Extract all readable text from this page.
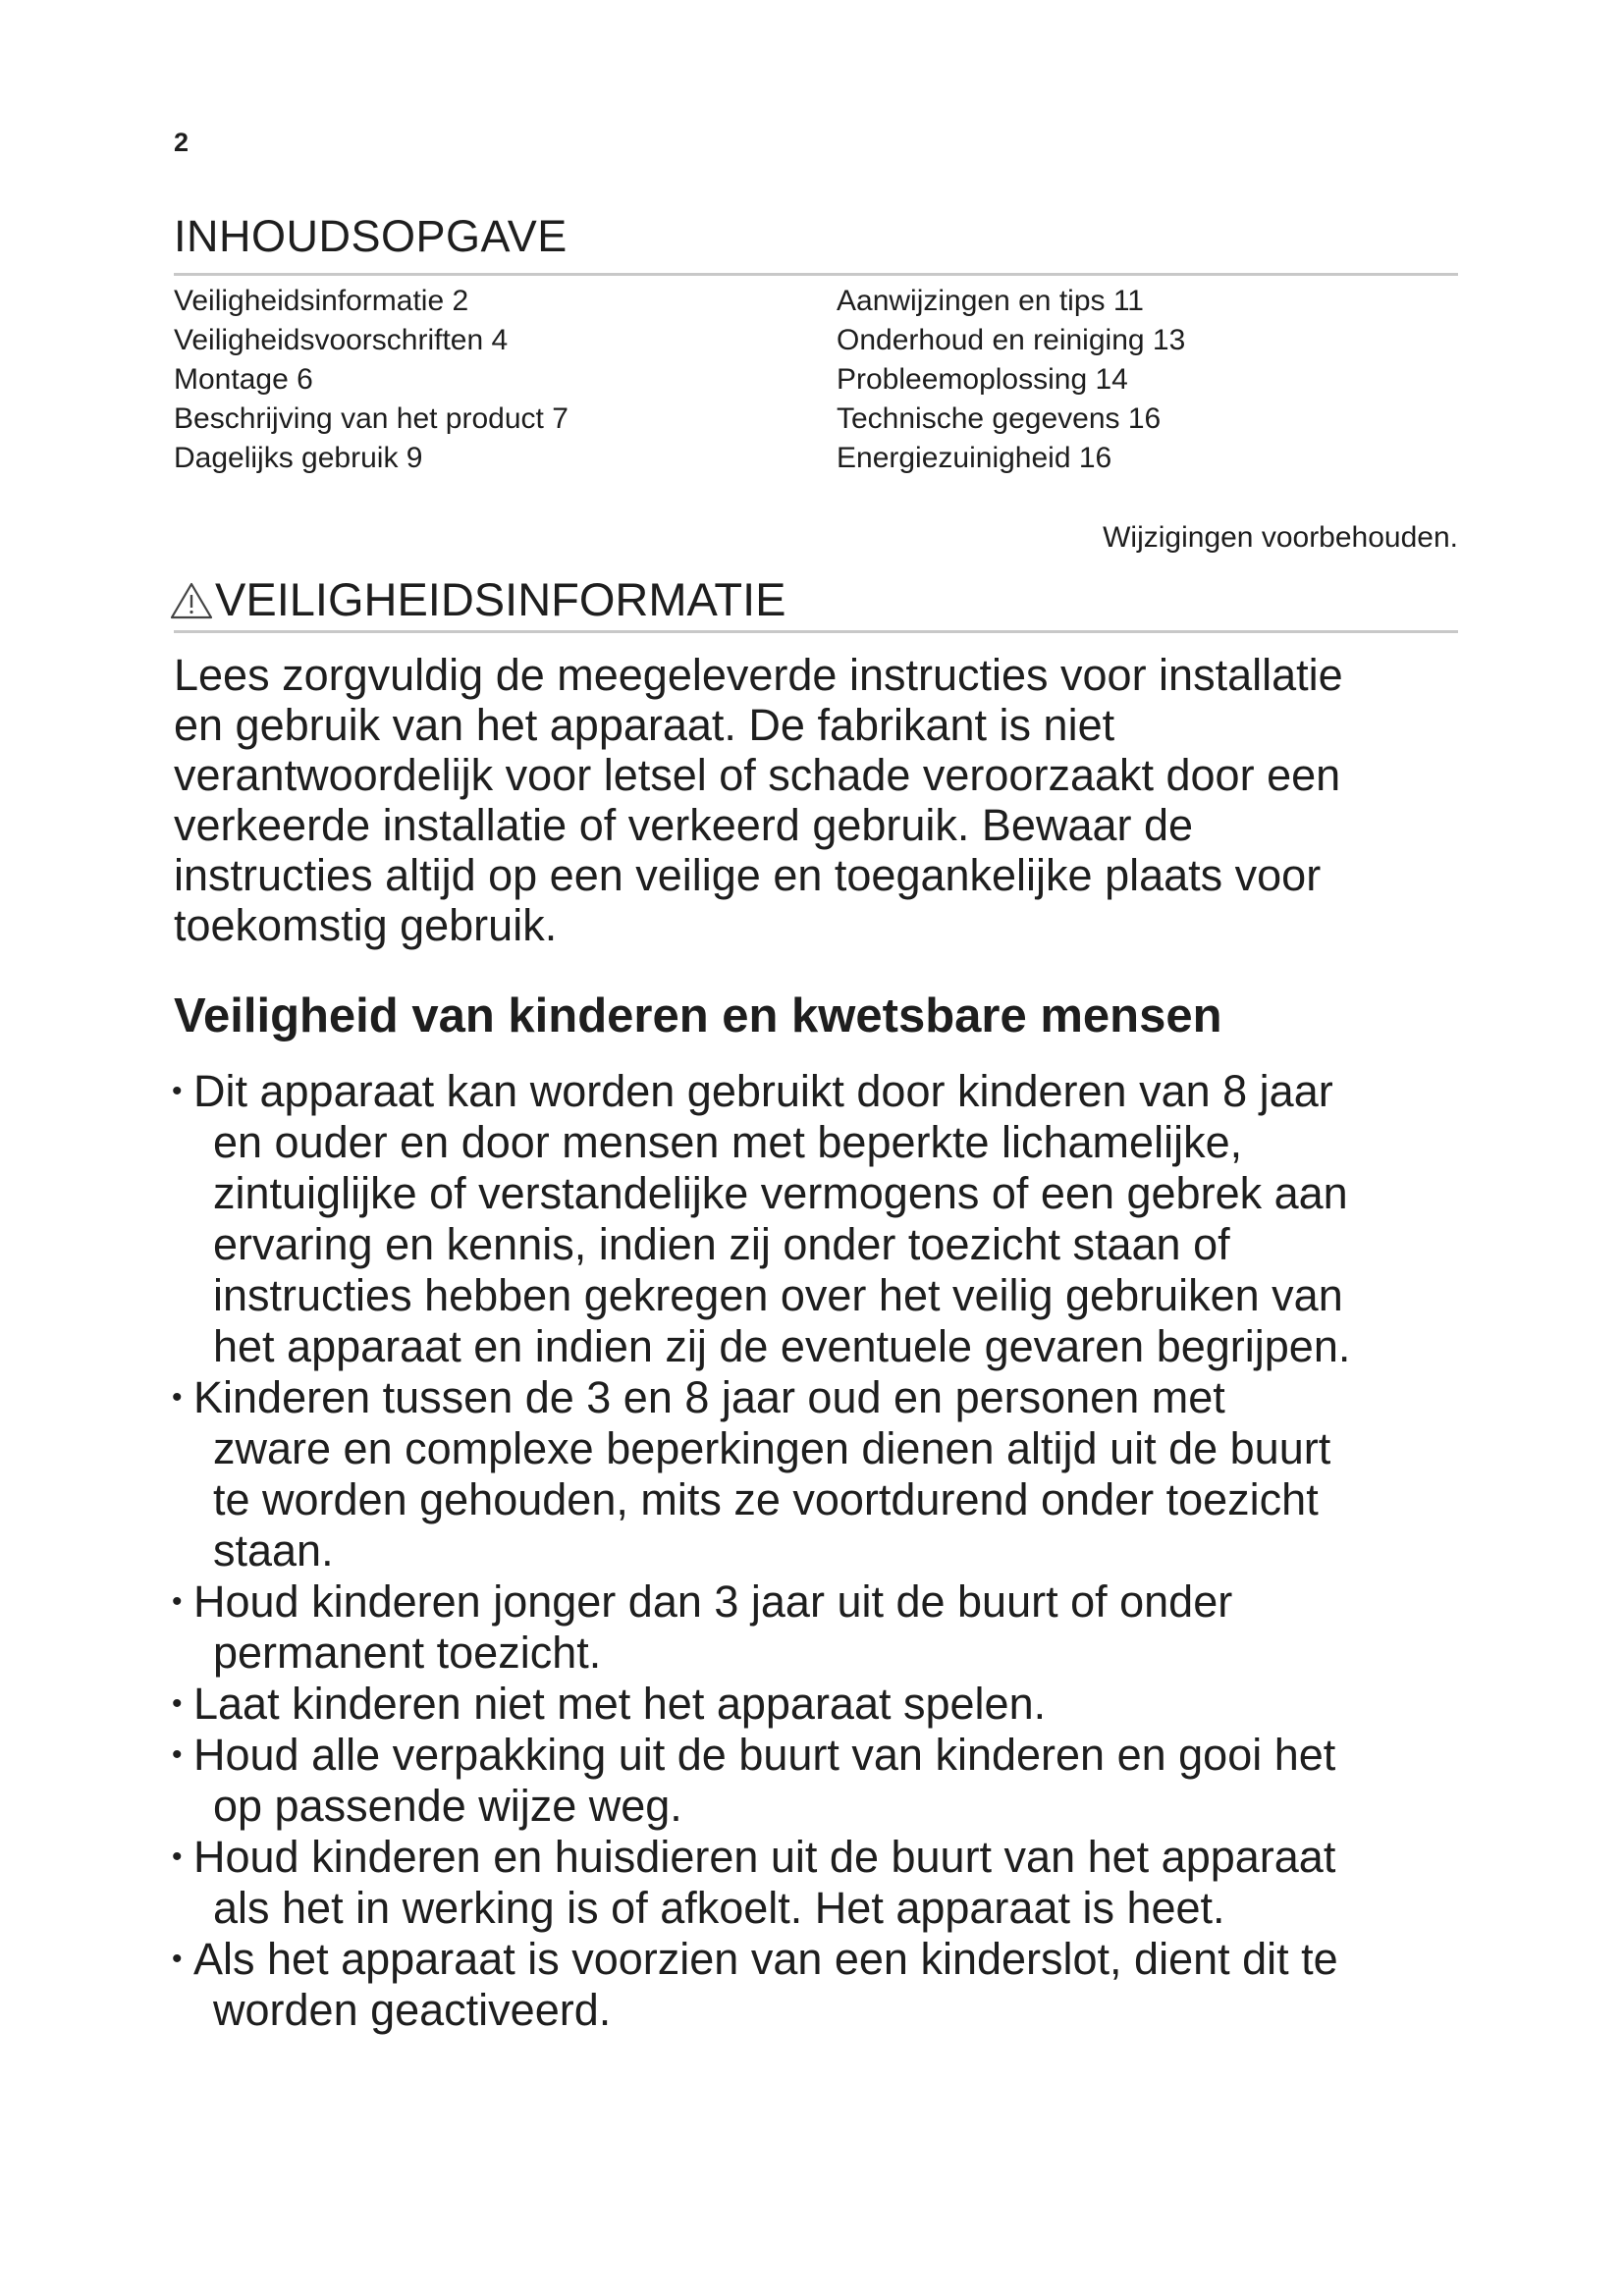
2
INHOUDSOPGAVE
Veiligheidsinformatie 2
Veiligheidsvoorschriften 4
Montage 6
Beschrijving van het product 7
Dagelijks gebruik 9
Aanwijzingen en tips 11
Onderhoud en reiniging 13
Probleemoplossing 14
Technische gegevens 16
Energiezuinigheid 16
Wijzigingen voorbehouden.
VEILIGHEIDSINFORMATIE

Lees zorgvuldig de meegeleverde instructies voor installatie
en gebruik van het apparaat. De fabrikant is niet
verantwoordelijk voor letsel of schade veroorzaakt door een
verkeerde installatie of verkeerd gebruik. Bewaar de
instructies altijd op een veilige en toegankelijke plaats voor
toekomstig gebruik.

Veiligheid van kinderen en kwetsbare mensen
• Dit apparaat kan worden gebruikt door kinderen van 8 jaar
en ouder en door mensen met beperkte lichamelijke,
zintuiglijke of verstandelijke vermogens of een gebrek aan
ervaring en kennis, indien zij onder toezicht staan of
instructies hebben gekregen over het veilig gebruiken van
het apparaat en indien zij de eventuele gevaren begrijpen.
• Kinderen tussen de 3 en 8 jaar oud en personen met
zware en complexe beperkingen dienen altijd uit de buurt
te worden gehouden, mits ze voortdurend onder toezicht
staan.
• Houd kinderen jonger dan 3 jaar uit de buurt of onder
permanent toezicht.
• Laat kinderen niet met het apparaat spelen.
• Houd alle verpakking uit de buurt van kinderen en gooi het
op passende wijze weg.
• Houd kinderen en huisdieren uit de buurt van het apparaat
als het in werking is of afkoelt. Het apparaat is heet.
• Als het apparaat is voorzien van een kinderslot, dient dit te
worden geactiveerd.
